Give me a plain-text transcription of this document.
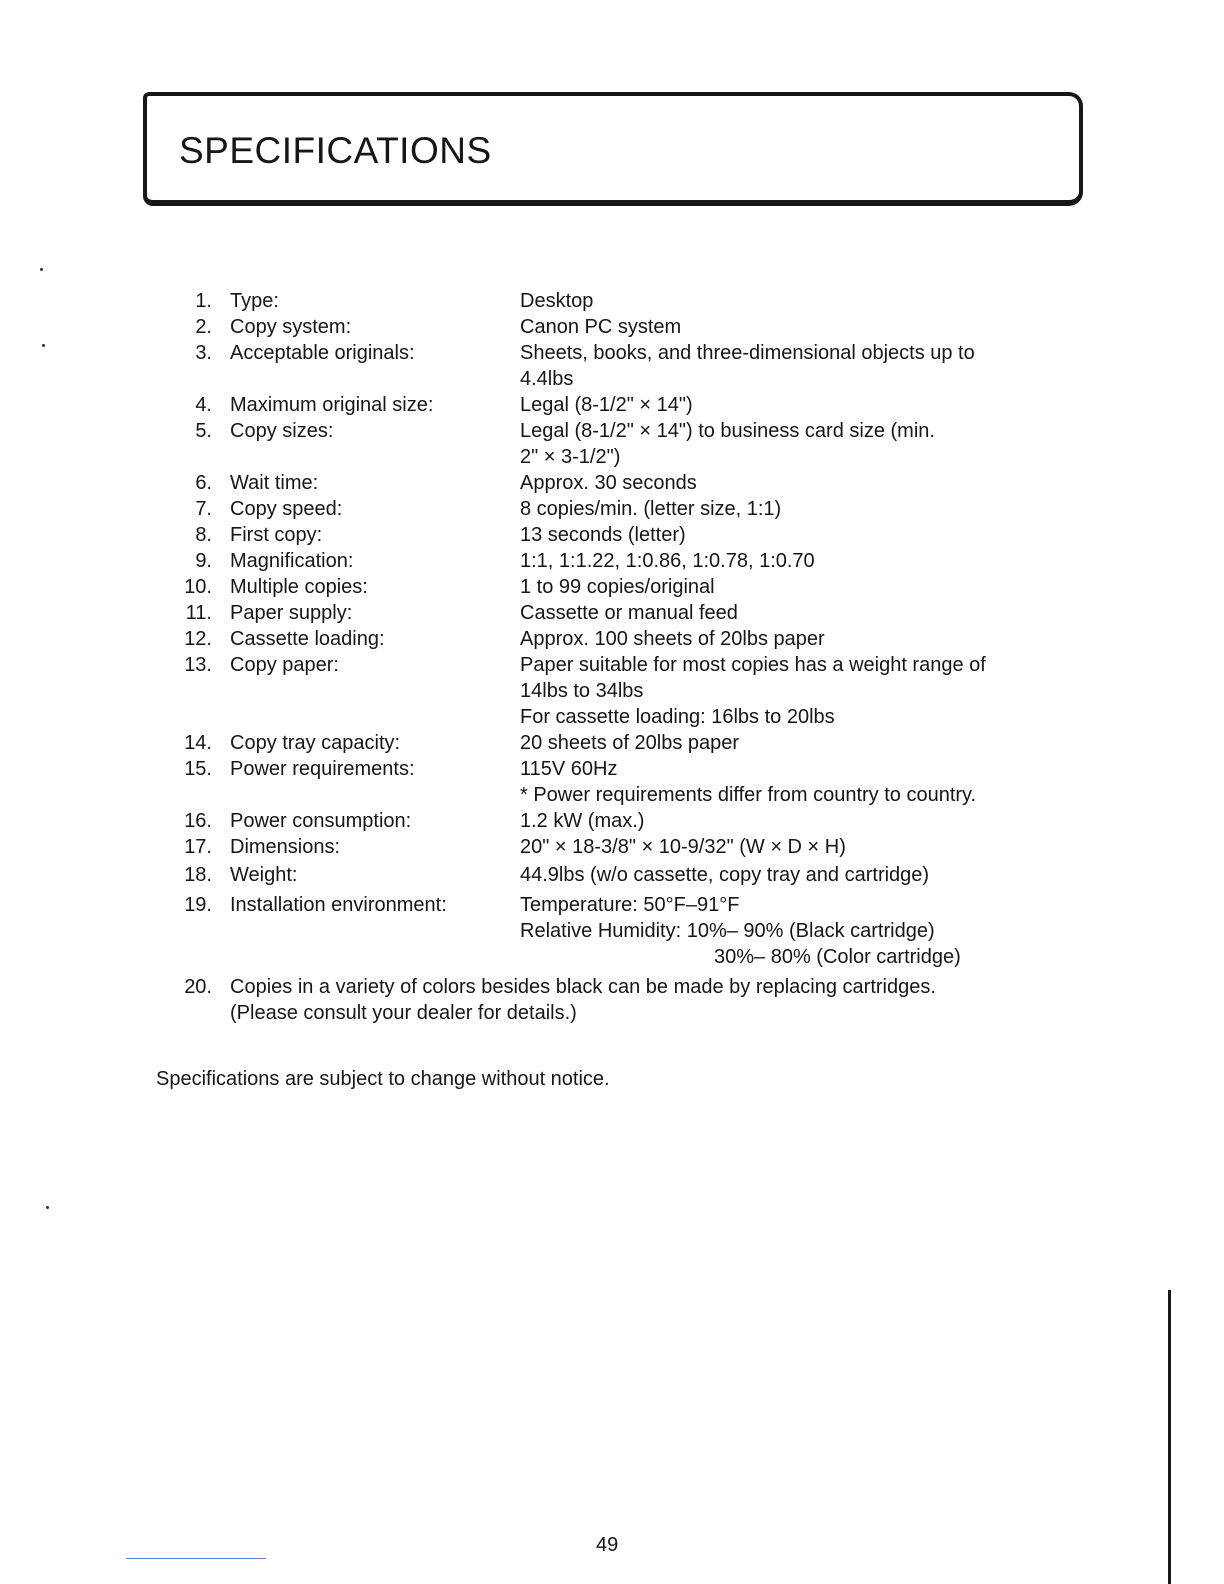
SPECIFICATIONS
1. Type:	Desktop
2. Copy system:	Canon PC system
3. Acceptable originals:	Sheets, books, and three-dimensional objects up to
4.4lbs
4. Maximum original size:	Legal (8-1/2" × 14")
5. Copy sizes:	Legal (8-1/2" × 14") to business card size (min.
2" × 3-1/2")
6. Wait time:	Approx. 30 seconds
7. Copy speed:	8 copies/min. (letter size, 1:1)
8. First copy:	13 seconds (letter)
9. Magnification:	1:1, 1:1.22, 1:0.86, 1:0.78, 1:0.70
10. Multiple copies:	1 to 99 copies/original
11. Paper supply:	Cassette or manual feed
12. Cassette loading:	Approx. 100 sheets of 20lbs paper
13. Copy paper:	Paper suitable for most copies has a weight range of
14lbs to 34lbs
For cassette loading: 16lbs to 20lbs
14. Copy tray capacity:	20 sheets of 20lbs paper
15. Power requirements:	115V 60Hz
* Power requirements differ from country to country.
16. Power consumption:	1.2 kW (max.)
17. Dimensions:	20" × 18-3/8" × 10-9/32" (W × D × H)
18. Weight:	44.9lbs (w/o cassette, copy tray and cartridge)
19. Installation environment:	Temperature: 50°F–91°F
Relative Humidity: 10%– 90% (Black cartridge)
30%– 80% (Color cartridge)
20. Copies in a variety of colors besides black can be made by replacing cartridges.
(Please consult your dealer for details.)
Specifications are subject to change without notice.
49
